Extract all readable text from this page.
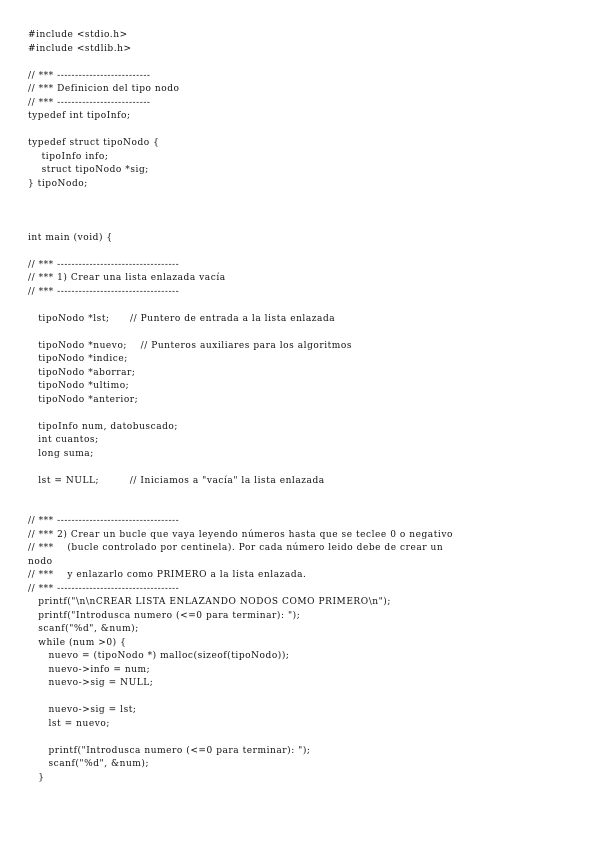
#include <stdio.h>
#include <stdlib.h>
// *** --------------------------
// *** Definicion del tipo nodo
// *** --------------------------
typedef int tipoInfo;
typedef struct tipoNodo {
tipoInfo info;
struct tipoNodo *sig;
} tipoNodo;
int main (void) {
// *** ----------------------------------
// *** 1) Crear una lista enlazada vacía
// *** ----------------------------------
tipoNodo *lst;      // Puntero de entrada a la lista enlazada
tipoNodo *nuevo;    // Punteros auxiliares para los algoritmos
tipoNodo *indice;
tipoNodo *aborrar;
tipoNodo *ultimo;
tipoNodo *anterior;
tipoInfo num, datobuscado;
int cuantos;
long suma;
lst = NULL;         // Iniciamos a "vacía" la lista enlazada
// *** ----------------------------------
// *** 2) Crear un bucle que vaya leyendo números hasta que se teclee 0 o negativo
// ***    (bucle controlado por centinela). Por cada número leido debe de crear un
nodo
// ***    y enlazarlo como PRIMERO a la lista enlazada.
// *** ----------------------------------
printf("\n\nCREAR LISTA ENLAZANDO NODOS COMO PRIMERO\n");
printf("Introdusca numero (<=0 para terminar): ");
scanf("%d", &num);
while (num >0) {
nuevo = (tipoNodo *) malloc(sizeof(tipoNodo));
nuevo->info = num;
nuevo->sig = NULL;
nuevo->sig = lst;
lst = nuevo;
printf("Introdusca numero (<=0 para terminar): ");
scanf("%d", &num);
}
